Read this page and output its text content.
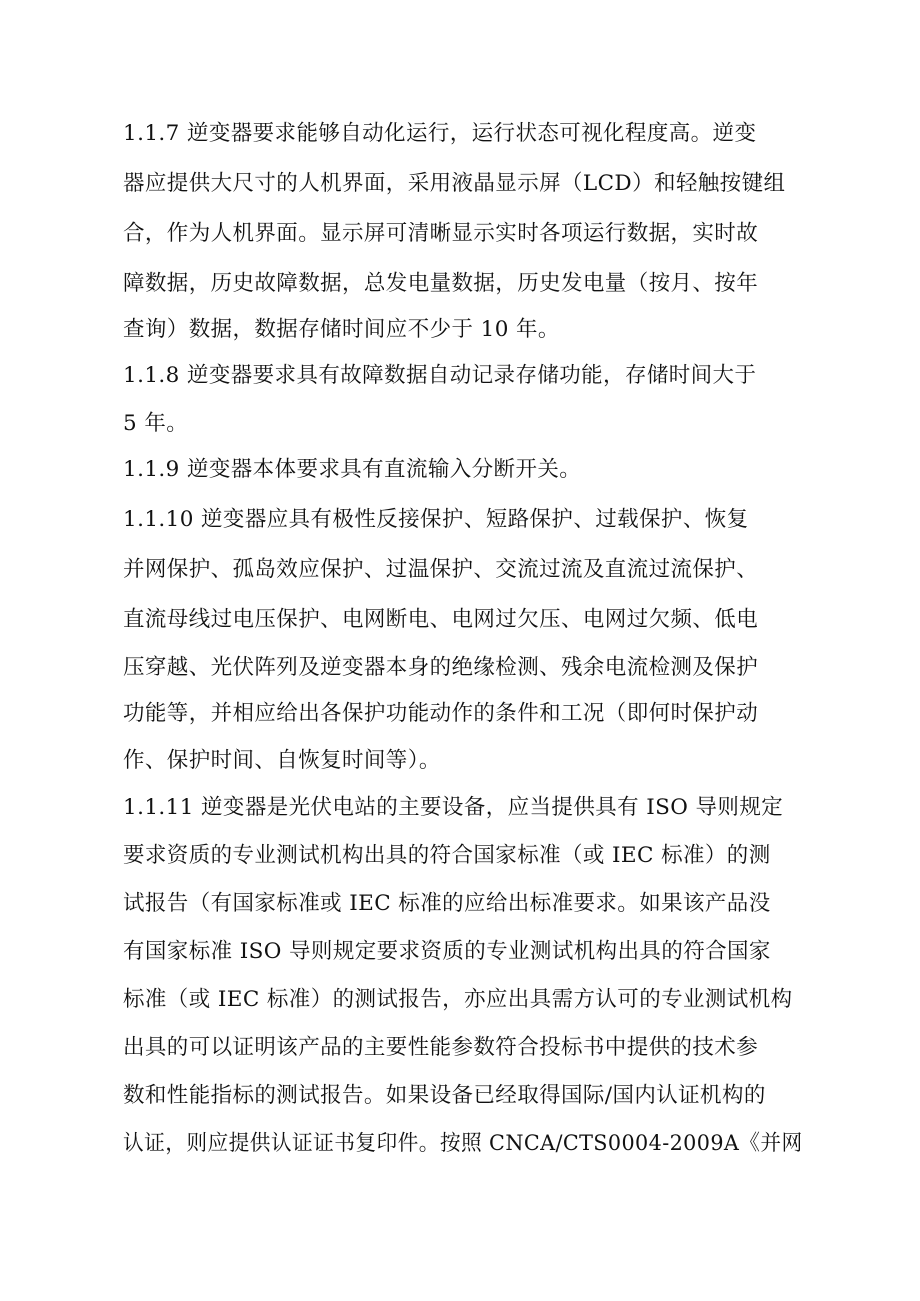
1.1.7 逆变器要求能够自动化运行，运行状态可视化程度高。逆变
器应提供大尺寸的人机界面，采用液晶显示屏（LCD）和轻触按键组
合，作为人机界面。显示屏可清晰显示实时各项运行数据，实时故
障数据，历史故障数据，总发电量数据，历史发电量（按月、按年
查询）数据，数据存储时间应不少于 10 年。
1.1.8 逆变器要求具有故障数据自动记录存储功能，存储时间大于
5 年。
1.1.9 逆变器本体要求具有直流输入分断开关。
1.1.10 逆变器应具有极性反接保护、短路保护、过载保护、恢复
并网保护、孤岛效应保护、过温保护、交流过流及直流过流保护、
直流母线过电压保护、电网断电、电网过欠压、电网过欠频、低电
压穿越、光伏阵列及逆变器本身的绝缘检测、残余电流检测及保护
功能等，并相应给出各保护功能动作的条件和工况（即何时保护动
作、保护时间、自恢复时间等）。
1.1.11 逆变器是光伏电站的主要设备，应当提供具有 ISO 导则规定
要求资质的专业测试机构出具的符合国家标准（或 IEC 标准）的测
试报告（有国家标准或 IEC 标准的应给出标准要求。如果该产品没
有国家标准 ISO 导则规定要求资质的专业测试机构出具的符合国家
标准（或 IEC 标准）的测试报告，亦应出具需方认可的专业测试机构
出具的可以证明该产品的主要性能参数符合投标书中提供的技术参
数和性能指标的测试报告。如果设备已经取得国际/国内认证机构的
认证，则应提供认证证书复印件。按照 CNCA/CTS0004-2009A《并网
